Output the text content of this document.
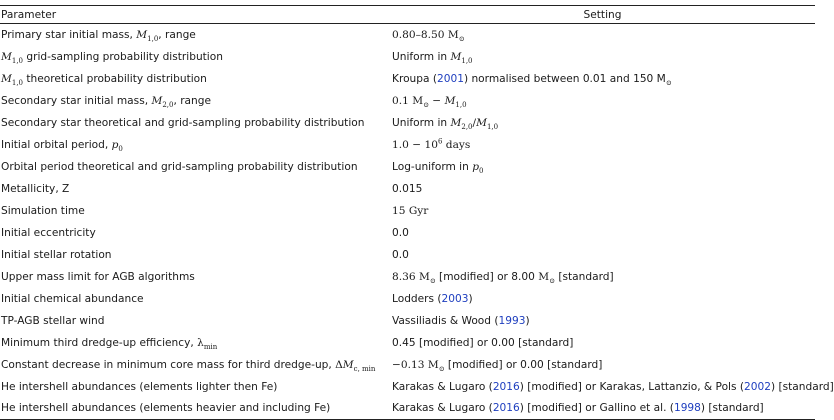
Parameter	Setting
Primary star initial mass, $M_{1,0}$, range	0.80–8.50 $M_⊙$
$M_{1,0}$ grid-sampling probability distribution	Uniform in $M_{1,0}$
$M_{1,0}$ theoretical probability distribution	Kroupa (2001) normalised between 0.01 and 150 $M_⊙$
Secondary star initial mass, $M_{2,0}$, range	0.1 $M_⊙ - M_{1,0}$
Secondary star theoretical and grid-sampling probability distribution	Uniform in $M_{2,0}/M_{1,0}$
Initial orbital period, $p_0$	$1.0 - 10^6$ days
Orbital period theoretical and grid-sampling probability distribution	Log-uniform in $p_0$
Metallicity, Z	0.015
Simulation time	15 Gyr
Initial eccentricity	0.0
Initial stellar rotation	0.0
Upper mass limit for AGB algorithms	8.36 $M_⊙$ [modified] or 8.00 $M_⊙$ [standard]
Initial chemical abundance	Lodders (2003)
TP-AGB stellar wind	Vassiliadis & Wood (1993)
Minimum third dredge-up efficiency, $\lambda_{min}$	0.45 [modified] or 0.00 [standard]
Constant decrease in minimum core mass for third dredge-up, $\Delta M_{c, min}$	−0.13 $M_⊙$ [modified] or 0.00 [standard]
He intershell abundances (elements lighter then Fe)	Karakas & Lugaro (2016) [modified] or Karakas, Lattanzio, & Pols (2002) [standard]
He intershell abundances (elements heavier and including Fe)	Karakas & Lugaro (2016) [modified] or Gallino et al. (1998) [standard]
